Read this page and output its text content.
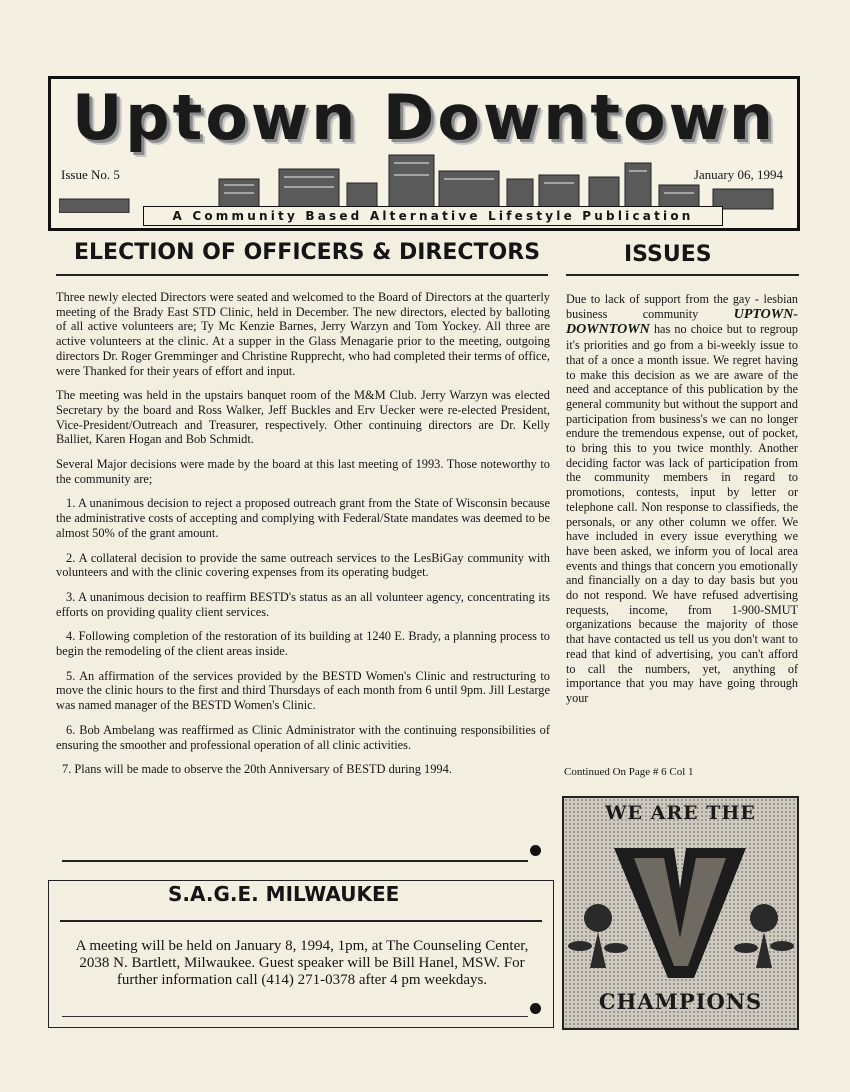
Uptown Downtown
Issue No. 5	January 06, 1994
A Community Based Alternative Lifestyle Publication
ELECTION OF OFFICERS & DIRECTORS	ISSUES

Three newly elected Directors were seated and welcomed to the Board of Directors at the quarterly meeting of the Brady East STD Clinic, held in December. The new directors, elected by balloting of all active volunteers are; Ty Mc Kenzie Barnes, Jerry Warzyn and Tom Yockey. All three are active volunteers at the clinic. At a supper in the Glass Menagarie prior to the meeting, outgoing directors Dr. Roger Gremminger and Christine Rupprecht, who had completed their terms of office, were Thanked for their years of effort and input.

The meeting was held in the upstairs banquet room of the M&M Club. Jerry Warzyn was elected Secretary by the board and Ross Walker, Jeff Buckles and Erv Uecker were re-elected President, Vice-President/Outreach and Treasurer, respectively. Other continuing directors are Dr. Kelly Balliet, Karen Hogan and Bob Schmidt.

Several Major decisions were made by the board at this last meeting of 1993. Those noteworthy to the community are;

1. A unanimous decision to reject a proposed outreach grant from the State of Wisconsin because the administrative costs of accepting and complying with Federal/State mandates was deemed to be almost 50% of the grant amount.

2. A collateral decision to provide the same outreach services to the LesBiGay community with volunteers and with the clinic covering expenses from its operating budget.

3. A unanimous decision to reaffirm BESTD's status as an all volunteer agency, concentrating its efforts on providing quality client services.

4. Following completion of the restoration of its building at 1240 E. Brady, a planning process to begin the remodeling of the client areas inside.

5. An affirmation of the services provided by the BESTD Women's Clinic and restructuring to move the clinic hours to the first and third Thursdays of each month from 6 until 9pm. Jill Lestarge was named manager of the BESTD Women's Clinic.

6. Bob Ambelang was reaffirmed as Clinic Administrator with the continuing responsibilities of ensuring the smoother and professional operation of all clinic activities.

7. Plans will be made to observe the 20th Anniversary of BESTD during 1994.

Due to lack of support from the gay - lesbian business community	UPTOWN-DOWNTOWN has no choice but to regroup it's priorities and go from a bi-weekly issue to that of a once a month issue. We regret having to make this decision as we are aware of the need and acceptance of this publication by the general community but without the support and participation from business's we can no longer endure the tremendous expense, out of pocket, to bring this to you twice monthly. Another deciding factor was lack of participation from the community members in regard to promotions, contests, input by letter or telephone call. Non response to classifieds, the personals, or any other column we offer. We have included in every issue everything we have been asked, we inform you of local area events and things that concern you emotionally and financially on a day to day basis but you do not respond. We have refused advertising requests, income, from 1-900-SMUT organizations because the majority of those that have contacted us tell us you don't want to read that kind of advertising, you can't afford to call the numbers, yet, anything of importance that you may have going through your

Continued On Page # 6 Col 1
S.A.G.E. MILWAUKEE
A meeting will be held on January 8, 1994, 1pm, at The Counseling Center, 2038 N. Bartlett, Milwaukee. Guest speaker will be Bill Hanel, MSW. For further information call (414) 271-0378 after 4 pm weekdays.
WE ARE THE
CHAMPIONS
